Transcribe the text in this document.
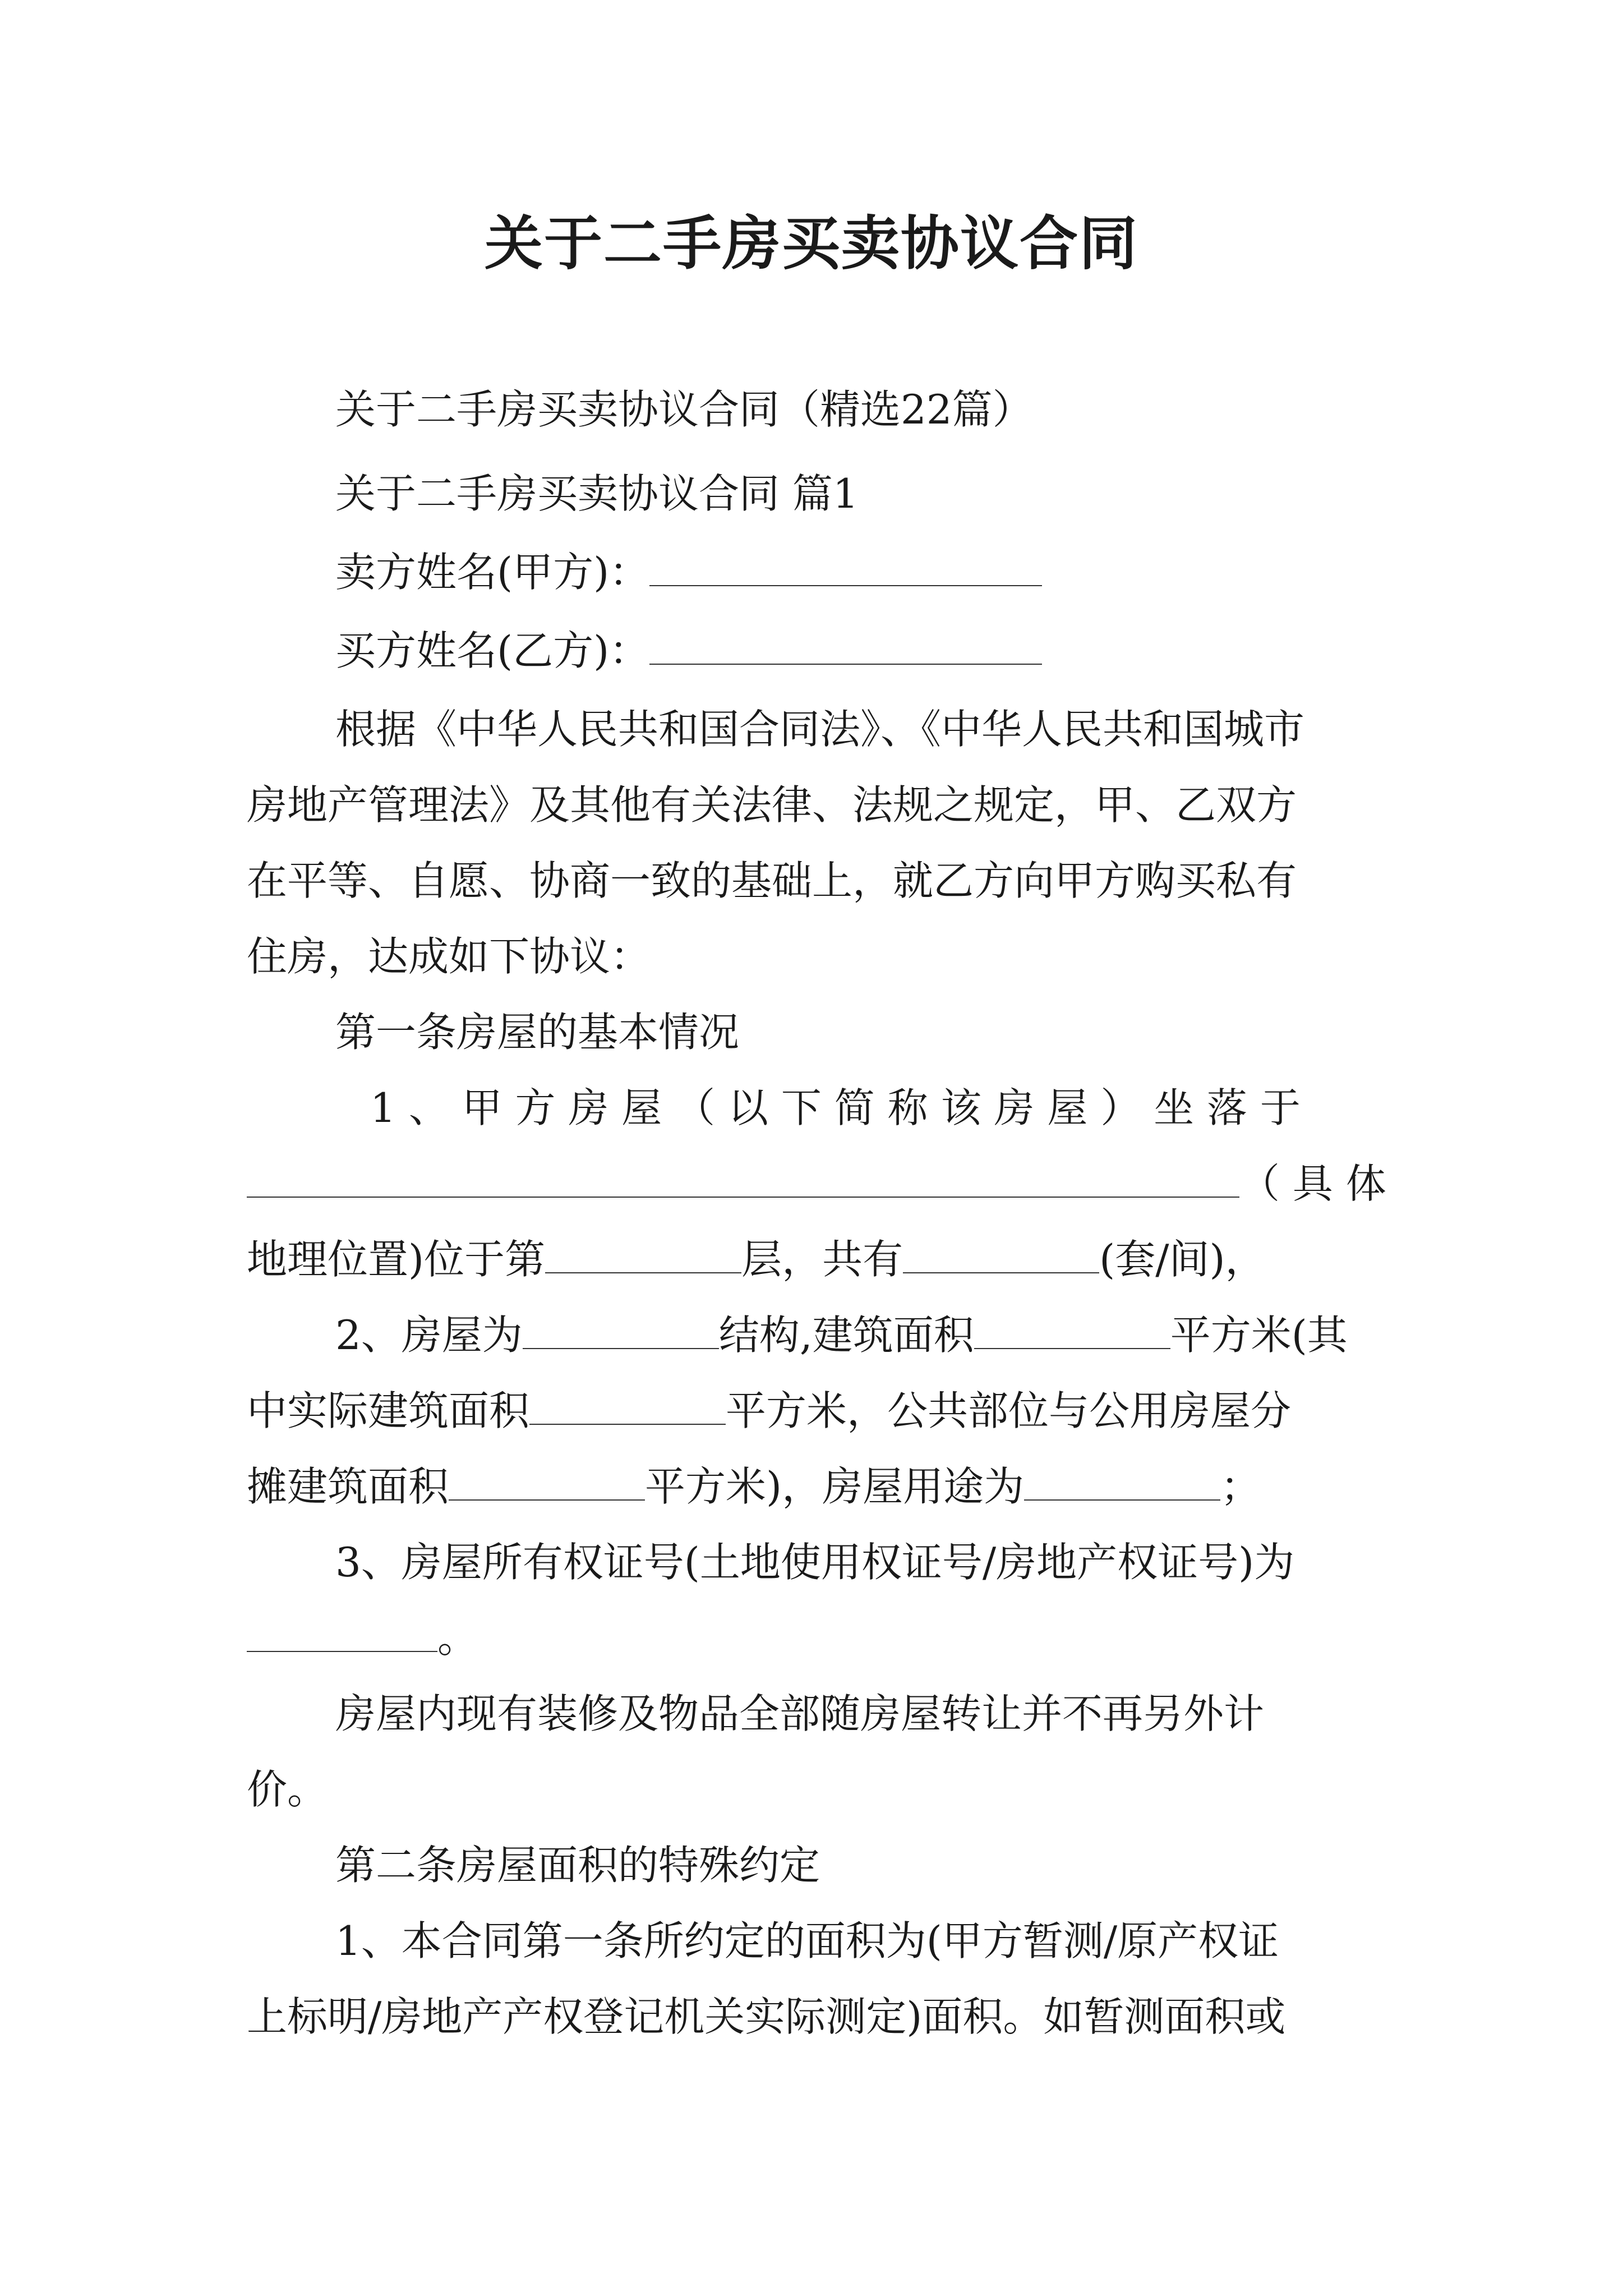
关于二手房买卖协议合同
关于二手房买卖协议合同（精选22篇）
关于二手房买卖协议合同 篇1
卖方姓名(甲方)：
买方姓名(乙方)：
根据《中华人民共和国合同法》、《中华人民共和国城市
房地产管理法》及其他有关法律、法规之规定，甲、乙双方
在平等、自愿、协商一致的基础上，就乙方向甲方购买私有
住房，达成如下协议：
第一条房屋的基本情况
1 、 甲 方 房 屋 （ 以 下 简 称 该 房 屋 ） 坐 落 于
（ 具 体
地理位置)位于第	层，共有	(套/间)，
2、房屋为	结构,建筑面积	平方米(其
中实际建筑面积	平方米，公共部位与公用房屋分
摊建筑面积	平方米)，房屋用途为	；
3、房屋所有权证号(土地使用权证号/房地产权证号)为
。
房屋内现有装修及物品全部随房屋转让并不再另外计
价。
第二条房屋面积的特殊约定
1、本合同第一条所约定的面积为(甲方暂测/原产权证
上标明/房地产产权登记机关实际测定)面积。如暂测面积或
